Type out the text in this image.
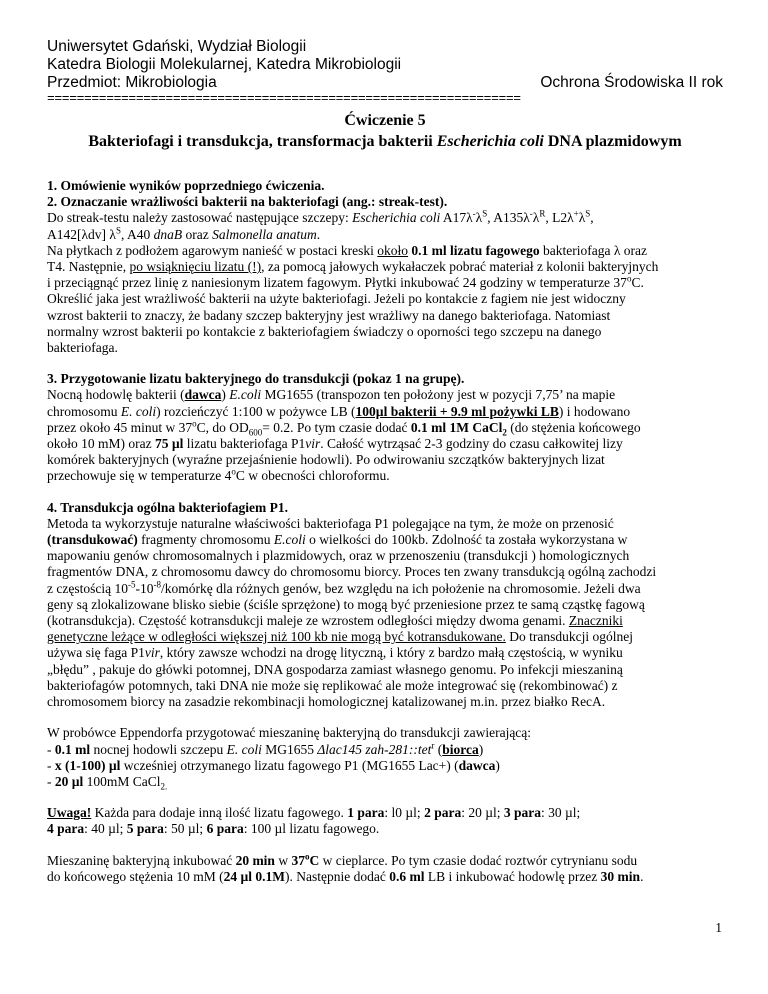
Uniwersytet Gdański, Wydział Biologii
Katedra Biologii Molekularnej, Katedra Mikrobiologii
Przedmiot: Mikrobiologia	Ochrona Środowiska II rok
================================================================
Ćwiczenie 5
Bakteriofagi i transdukcja, transformacja bakterii Escherichia coli DNA plazmidowym

1. Omówienie wyników poprzedniego ćwiczenia.

2. Oznaczanie wrażliwości bakterii na bakteriofagi (ang.: streak-test).

Do streak-testu należy zastosować następujące szczepy: Escherichia coli $A17\lambda^-\lambda^S$, $A135\lambda^-\lambda^R$, $L2\lambda^+\lambda^S$,
A142[λdv] $\lambda^S$, A40 dnaB oraz Salmonella anatum.

Na płytkach z podłożem agarowym nanieść w postaci kreski około 0.1 ml lizatu fagowego bakteriofaga λ oraz
T4. Następnie, po wsiąknięciu lizatu (!), za pomocą jałowych wykałaczek pobrać materiał z kolonii bakteryjnych
i przeciągnąć przez linię z naniesionym lizatem fagowym. Płytki inkubować 24 godziny w temperaturze 37$^o$C.
Określić jaka jest wrażliwość bakterii na użyte bakteriofagi. Jeżeli po kontakcie z fagiem nie jest widoczny
wzrost bakterii to znaczy, że badany szczep bakteryjny jest wrażliwy na danego bakteriofaga. Natomiast
normalny wzrost bakterii po kontakcie z bakteriofagiem świadczy o oporności tego szczepu na danego
bakteriofaga.

3. Przygotowanie lizatu bakteryjnego do transdukcji (pokaz 1 na grupę).

Nocną hodowlę bakterii (dawca) E.coli MG1655 (transpozon ten położony jest w pozycji 7,75’ na mapie
chromosomu E. coli) rozcieńczyć 1:100 w pożywce LB (100µl bakterii + 9.9 ml pożywki LB) i hodowano
przez około 45 minut w 37$^o$C, do $OD_{600}= 0.2$. Po tym czasie dodać 0.1 ml 1M CaCl$_2$ (do stężenia końcowego
około 10 mM) oraz 75 µl lizatu bakteriofaga P1vir. Całość wytrząsać 2-3 godziny do czasu całkowitej lizy
komórek bakteryjnych (wyraźne przejaśnienie hodowli). Po odwirowaniu szczątków bakteryjnych lizat
przechowuje się w temperaturze 4$^o$C w obecności chloroformu.

4. Transdukcja ogólna bakteriofagiem P1.

Metoda ta wykorzystuje naturalne właściwości bakteriofaga P1 polegające na tym, że może on przenosić
(transdukować) fragmenty chromosomu E.coli o wielkości do 100kb. Zdolność ta została wykorzystana w
mapowaniu genów chromosomalnych i plazmidowych, oraz w przenoszeniu (transdukcji ) homologicznych
fragmentów DNA, z chromosomu dawcy do chromosomu biorcy. Proces ten zwany transdukcją ogólną zachodzi
z częstością $10^{-5}-10^{-8}$/komórkę dla różnych genów, bez względu na ich położenie na chromosomie. Jeżeli dwa
geny są zlokalizowane blisko siebie (ściśle sprzężone) to mogą być przeniesione przez te samą cząstkę fagową
(kotransdukcja). Częstość kotransdukcji maleje ze wzrostem odległości między dwoma genami. Znaczniki
genetyczne leżące w odległości większej niż 100 kb nie mogą być kotransdukowane. Do transdukcji ogólnej
używa się faga P1vir, który zawsze wchodzi na drogę lityczną, i który z bardzo małą częstością, w wyniku
„błędu” , pakuje do główki potomnej, DNA gospodarza zamiast własnego genomu. Po infekcji mieszaniną
bakteriofagów potomnych, taki DNA nie może się replikować ale może integrować się (rekombinować) z
chromosomem biorcy na zasadzie rekombinacji homologicznej katalizowanej m.in. przez białko RecA.

W probówce Eppendorfa przygotować mieszaninę bakteryjną do transdukcji zawierającą:
- 0.1 ml nocnej hodowli szczepu E. coli MG1655 Δlac145 zah-281::tet$^r$ (biorca)
- x (1-100) µl wcześniej otrzymanego lizatu fagowego P1 (MG1655 Lac+) (dawca)
- 20 µl 100mM CaCl$_{2.}$

Uwaga! Każda para dodaje inną ilość lizatu fagowego. 1 para: l0 µl; 2 para: 20 µl; 3 para: 30 µl;
4 para: 40 µl; 5 para: 50 µl; 6 para: 100 µl lizatu fagowego.

Mieszaninę bakteryjną inkubować 20 min w 37$^o$C w cieplarce. Po tym czasie dodać roztwór cytrynianu sodu
do końcowego stężenia 10 mM (24 µl 0.1M). Następnie dodać 0.6 ml LB i inkubować hodowlę przez 30 min.

1
